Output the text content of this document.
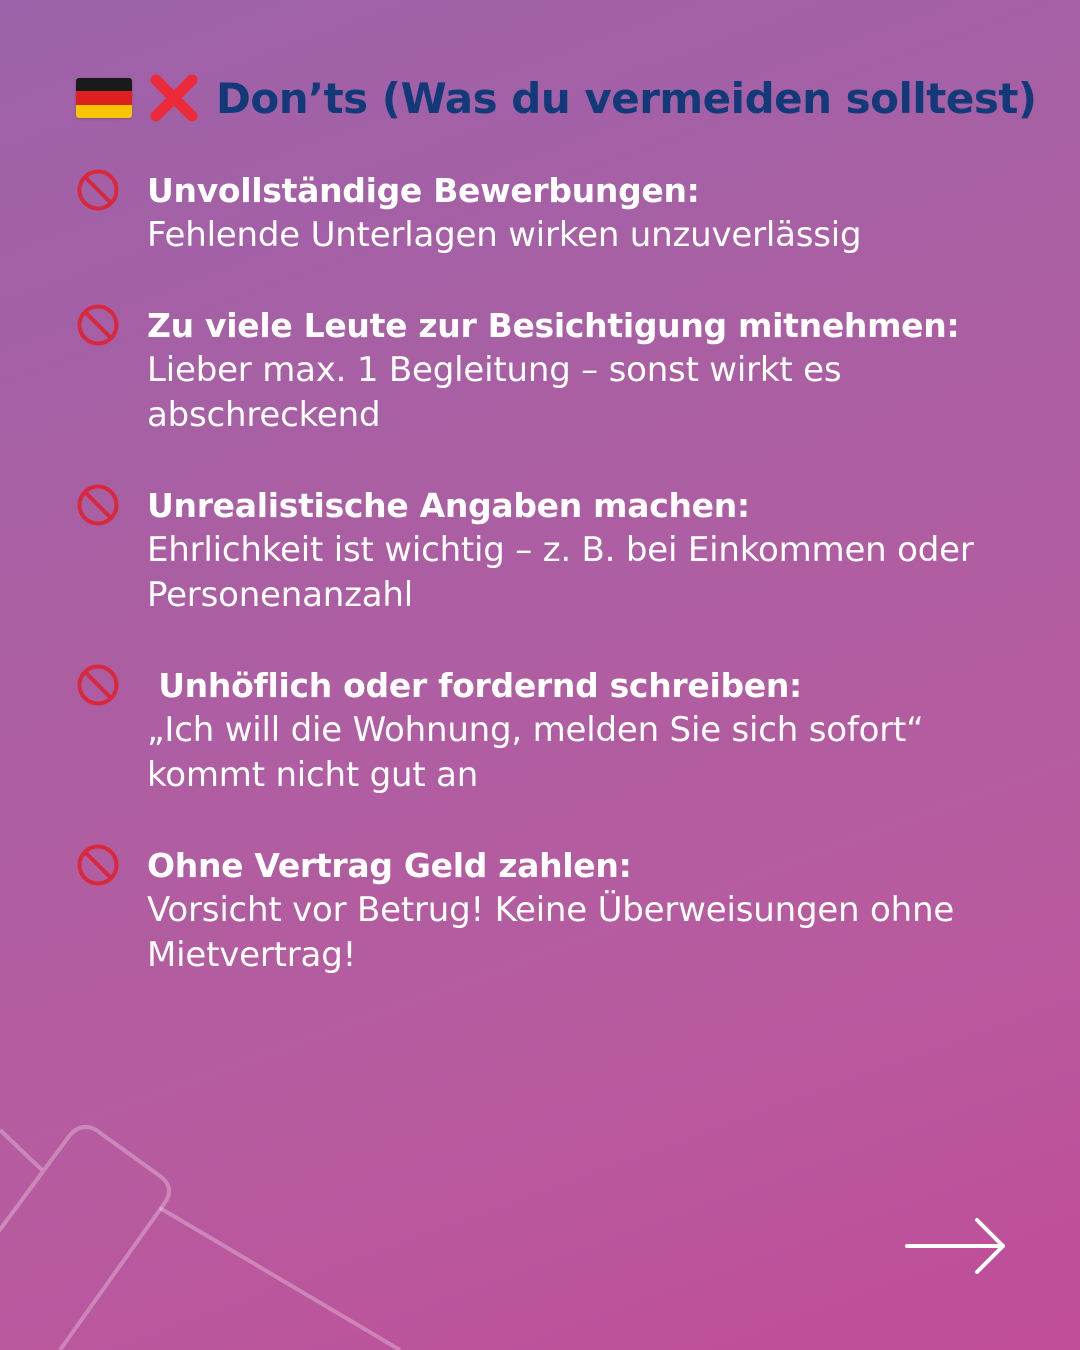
Don’ts (Was du vermeiden solltest)
Unvollständige Bewerbungen:
Fehlende Unterlagen wirken unzuverlässig
Zu viele Leute zur Besichtigung mitnehmen:
Lieber max. 1 Begleitung – sonst wirkt es abschreckend
Unrealistische Angaben machen:
Ehrlichkeit ist wichtig – z. B. bei Einkommen oder Personenanzahl
Unhöflich oder fordernd schreiben:
„Ich will die Wohnung, melden Sie sich sofort“ kommt nicht gut an
Ohne Vertrag Geld zahlen:
Vorsicht vor Betrug! Keine Überweisungen ohne Mietvertrag!
